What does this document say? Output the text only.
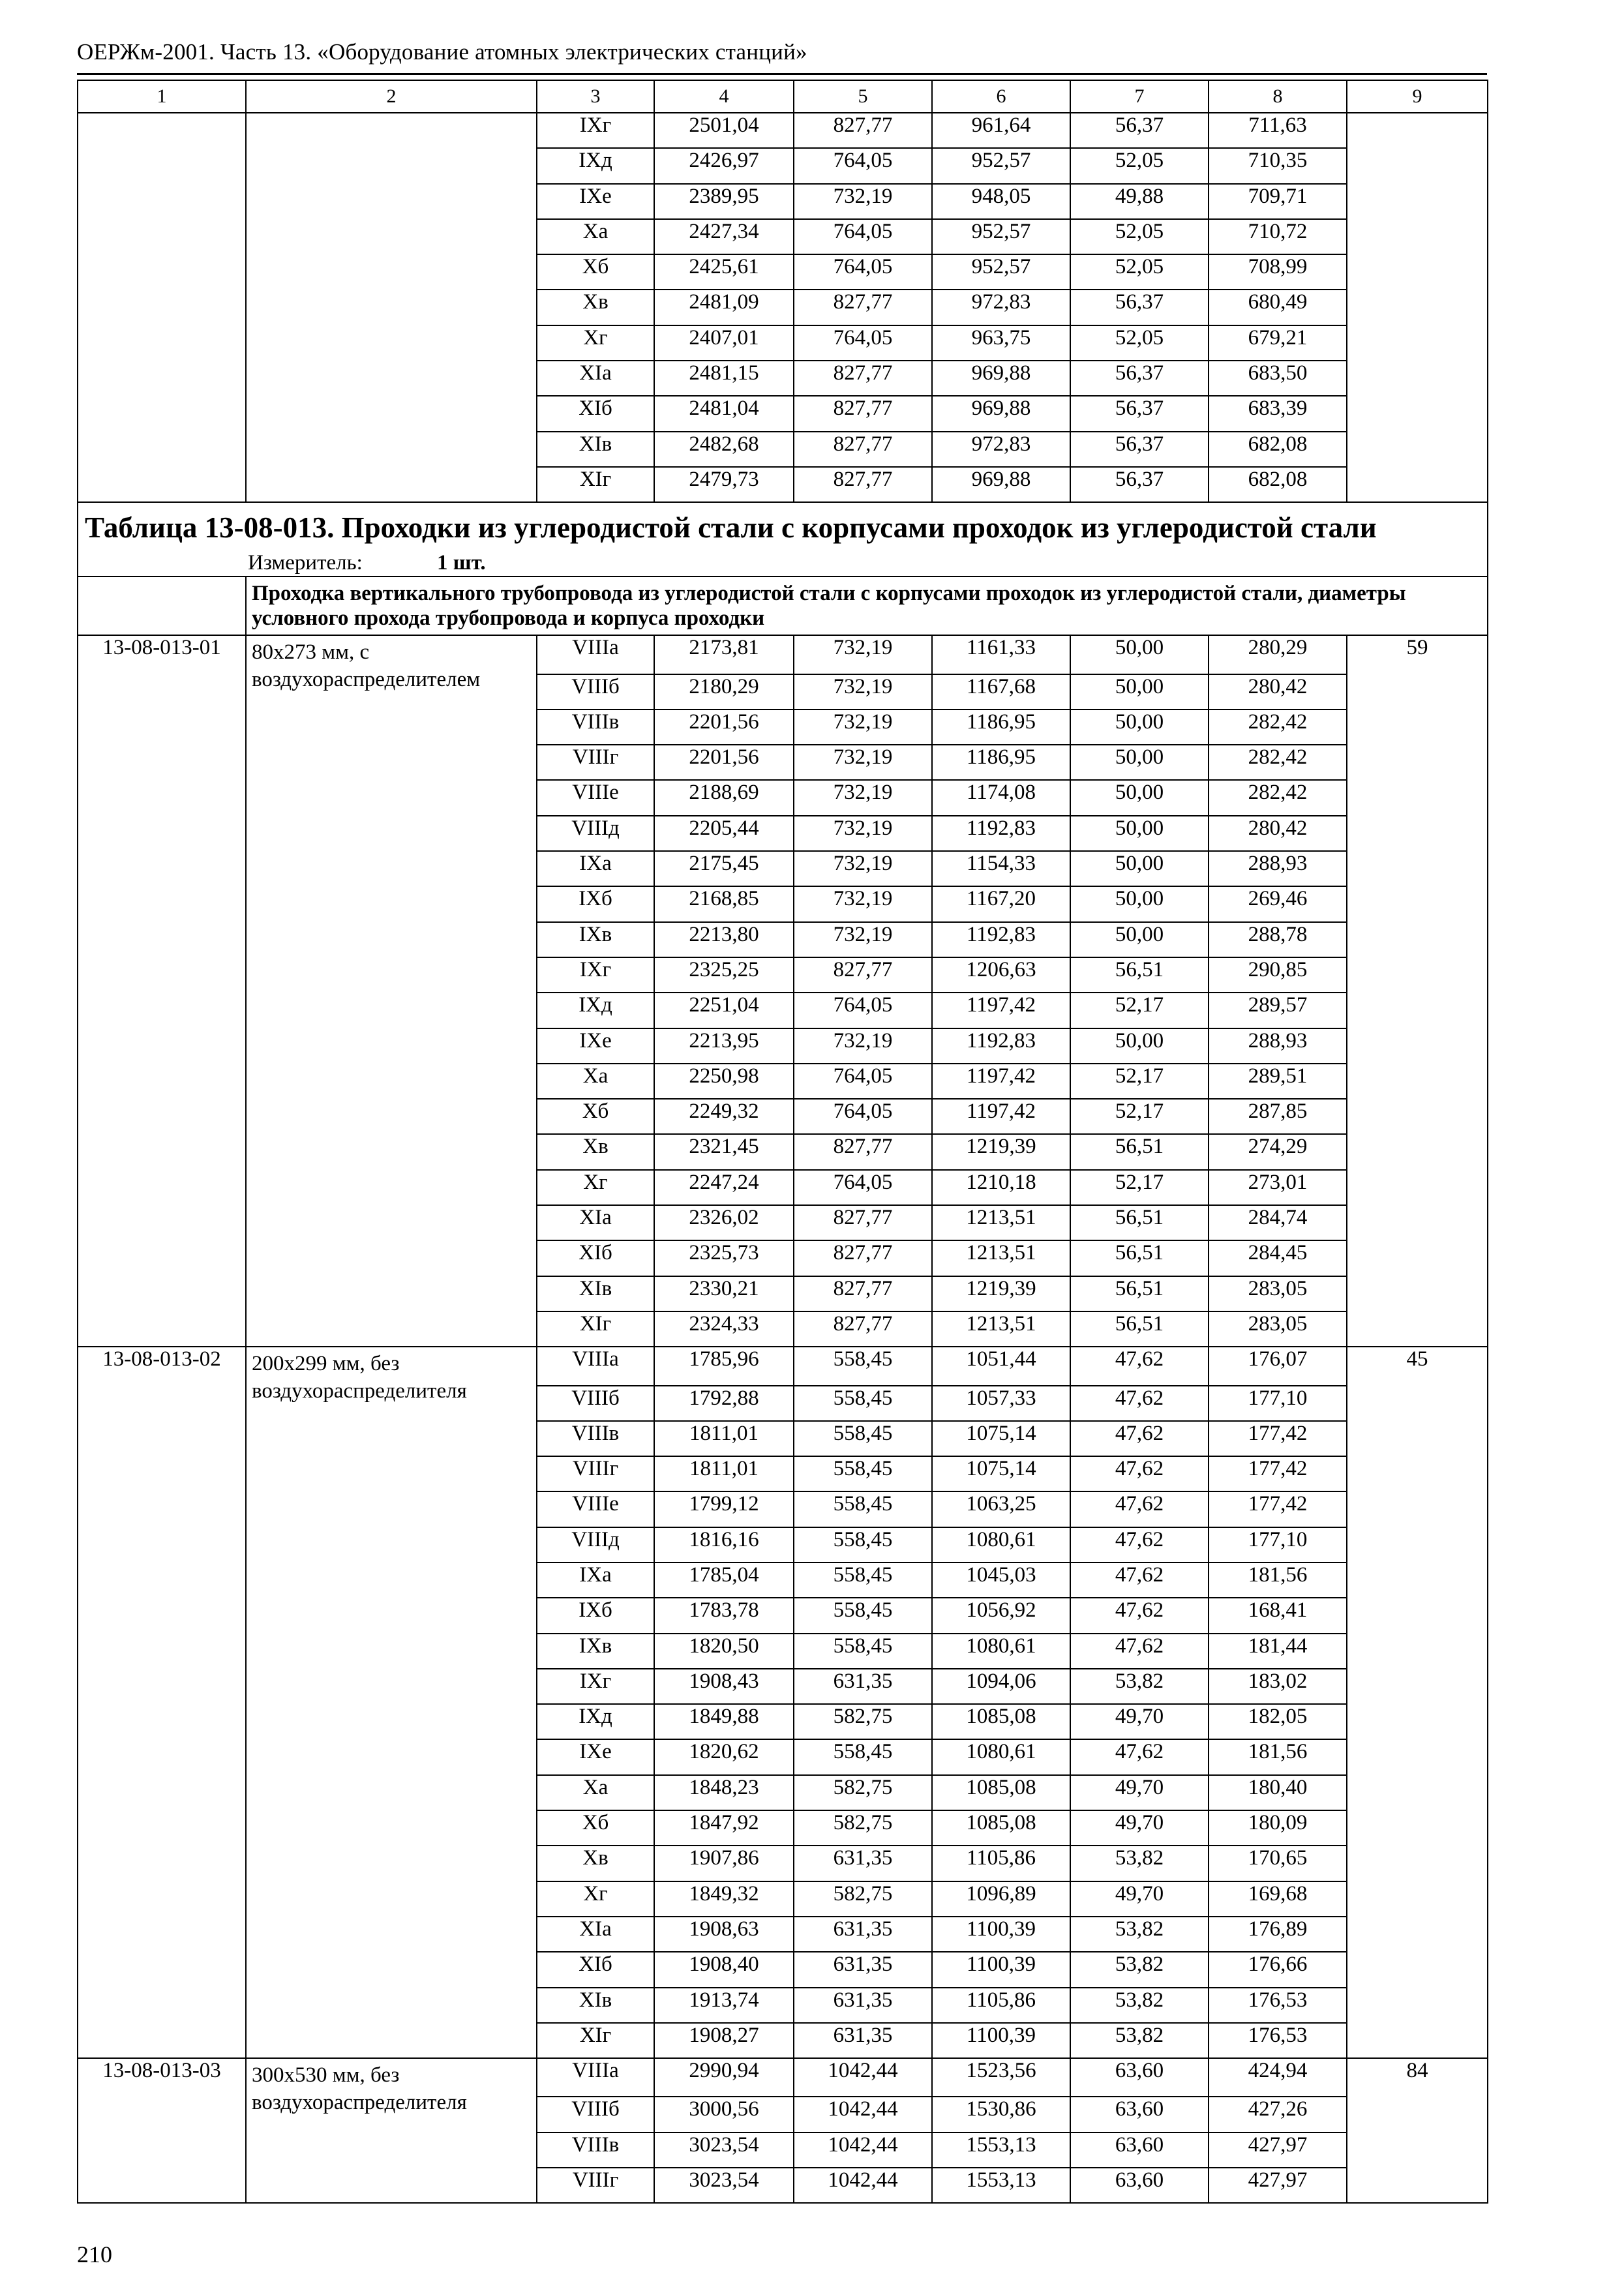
ОЕРЖм-2001. Часть 13. «Оборудование атомных электрических станций»
1	2	3	4	5	6	7	8	9
		IXг	2501,04	827,77	961,64	56,37	711,63	
		IXд	2426,97	764,05	952,57	52,05	710,35	
		IXе	2389,95	732,19	948,05	49,88	709,71	
		Xа	2427,34	764,05	952,57	52,05	710,72	
		Xб	2425,61	764,05	952,57	52,05	708,99	
		Xв	2481,09	827,77	972,83	56,37	680,49	
		Xг	2407,01	764,05	963,75	52,05	679,21	
		XIа	2481,15	827,77	969,88	56,37	683,50	
		XIб	2481,04	827,77	969,88	56,37	683,39	
		XIв	2482,68	827,77	972,83	56,37	682,08	
		XIг	2479,73	827,77	969,88	56,37	682,08	
Таблица 13-08-013. Проходки из углеродистой стали с корпусами проходок из углеродистой стали								
Измеритель: 1 шт.								
	Проходка вертикального трубопровода из углеродистой стали с корпусами проходок из углеродистой стали, диаметры условного прохода трубопровода и корпуса проходки							
13-08-013-01	80х273 мм, с воздухораспределителем	VIIIа	2173,81	732,19	1161,33	50,00	280,29	59
		VIIIб	2180,29	732,19	1167,68	50,00	280,42	
		VIIIв	2201,56	732,19	1186,95	50,00	282,42	
		VIIIг	2201,56	732,19	1186,95	50,00	282,42	
		VIIIе	2188,69	732,19	1174,08	50,00	282,42	
		VIIIд	2205,44	732,19	1192,83	50,00	280,42	
		IXа	2175,45	732,19	1154,33	50,00	288,93	
		IXб	2168,85	732,19	1167,20	50,00	269,46	
		IXв	2213,80	732,19	1192,83	50,00	288,78	
		IXг	2325,25	827,77	1206,63	56,51	290,85	
		IXд	2251,04	764,05	1197,42	52,17	289,57	
		IXе	2213,95	732,19	1192,83	50,00	288,93	
		Xа	2250,98	764,05	1197,42	52,17	289,51	
		Xб	2249,32	764,05	1197,42	52,17	287,85	
		Xв	2321,45	827,77	1219,39	56,51	274,29	
		Xг	2247,24	764,05	1210,18	52,17	273,01	
		XIа	2326,02	827,77	1213,51	56,51	284,74	
		XIб	2325,73	827,77	1213,51	56,51	284,45	
		XIв	2330,21	827,77	1219,39	56,51	283,05	
		XIг	2324,33	827,77	1213,51	56,51	283,05	
13-08-013-02	200х299 мм, без воздухораспределителя	VIIIа	1785,96	558,45	1051,44	47,62	176,07	45
		VIIIб	1792,88	558,45	1057,33	47,62	177,10	
		VIIIв	1811,01	558,45	1075,14	47,62	177,42	
		VIIIг	1811,01	558,45	1075,14	47,62	177,42	
		VIIIе	1799,12	558,45	1063,25	47,62	177,42	
		VIIIд	1816,16	558,45	1080,61	47,62	177,10	
		IXа	1785,04	558,45	1045,03	47,62	181,56	
		IXб	1783,78	558,45	1056,92	47,62	168,41	
		IXв	1820,50	558,45	1080,61	47,62	181,44	
		IXг	1908,43	631,35	1094,06	53,82	183,02	
		IXд	1849,88	582,75	1085,08	49,70	182,05	
		IXе	1820,62	558,45	1080,61	47,62	181,56	
		Xа	1848,23	582,75	1085,08	49,70	180,40	
		Xб	1847,92	582,75	1085,08	49,70	180,09	
		Xв	1907,86	631,35	1105,86	53,82	170,65	
		Xг	1849,32	582,75	1096,89	49,70	169,68	
		XIа	1908,63	631,35	1100,39	53,82	176,89	
		XIб	1908,40	631,35	1100,39	53,82	176,66	
		XIв	1913,74	631,35	1105,86	53,82	176,53	
		XIг	1908,27	631,35	1100,39	53,82	176,53	
13-08-013-03	300х530 мм, без воздухораспределителя	VIIIа	2990,94	1042,44	1523,56	63,60	424,94	84
		VIIIб	3000,56	1042,44	1530,86	63,60	427,26	
		VIIIв	3023,54	1042,44	1553,13	63,60	427,97	
		VIIIг	3023,54	1042,44	1553,13	63,60	427,97	
210
